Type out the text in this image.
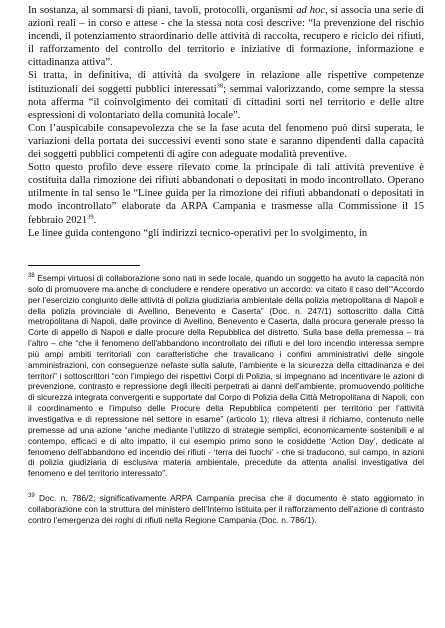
In sostanza, al sommarsi di piani, tavoli, protocolli, organismi ad hoc, si associa una serie di azioni reali – in corso e attese - che la stessa nota così descrive: “la prevenzione del rischio incendi, il potenziamento straordinario delle attività di raccolta, recupero e riciclo dei rifiuti, il rafforzamento del controllo del territorio e iniziative di formazione, informazione e cittadinanza attiva”.

Si tratta, in definitiva, di attività da svolgere in relazione alle rispettive competenze istituzionali dei soggetti pubblici interessati$^{38}$; semmai valorizzando, come sempre la stessa nota afferma “il coinvolgimento dei comitati di cittadini sorti nel territorio e delle altre espressioni di volontariato della comunità locale”.

Con l’auspicabile consapevolezza che se la fase acuta del fenomeno può dirsi superata, le variazioni della portata dei successivi eventi sono state e saranno dipendenti dalla capacità dei soggetti pubblici competenti di agire con adeguate modalità preventive.

Sotto questo profilo deve essere rilevato come la principale di tali attività preventive è costituita dalla rimozione dei rifiuti abbandonati o depositati in modo incontrollato. Operano utilmente in tal senso le “Linee guida per la rimozione dei rifiuti abbandonati o depositati in modo incontrollato” elaborate da ARPA Campania e trasmesse alla Commissione il 15 febbraio 2021$^{39}$.

Le linee guida contengono “gli indirizzi tecnico-operativi per lo svolgimento, in

$^{38}$ Esempi virtuosi di collaborazione sono nati in sede locale, quando un soggetto ha avuto la capacità non solo di promuovere ma anche di concludere e rendere operativo un accordo: va citato il caso dell’“Accordo per l’esercizio congiunto delle attività di polizia giudiziaria ambientale della polizia metropolitana di Napoli e della polizia provinciale di Avellino, Benevento e Caserta” (Doc. n. 247/1) sottoscritto dalla Città metropolitana di Napoli, dalle province di Avellino, Benevento e Caserta, dalla procura generale presso la Corte di appello di Napoli e dalle procure della Repubblica del distretto. Sulla base della premessa – tra l’altro – che “che il fenomeno dell’abbandono incontrollato dei rifiuti e del loro incendio interessa sempre più ampi ambiti territoriali con caratteristiche che travalicano i confini amministrativi delle singole amministrazioni, con conseguenze nefaste sulla salute, l’ambiente e la sicurezza della cittadinanza e dei territori” i sottoscrittori “con l’impiego dei rispettivi Corpi di Polizia, si impegnano ad incentivare le azioni di prevenzione, contrasto e repressione degli illeciti perpetrati ai danni dell’ambiente, promuovendo politiche di sicurezza integrata convergenti e supportate dal Corpo di Polizia della Città Metropolitana di Napoli, con il coordinamento e l’impulso delle Procure della Repubblica competenti per territorio per l’attività investigativa e di repressione nel settore in esame” (articolo 1); rileva altresì il richiamo, contenuto nelle premesse ad una azione “anche mediante l’utilizzo di strategie semplici, economicamente sostenibili e al contempo, efficaci e di alto impatto, il cui esempio primo sono le cosiddette ‘Action Day’, dedicate al fenomeno dell’abbandono ed incendio dei rifiuti - ‘terra dei fuochi’ - che si traducono, sul campo, in azioni di polizia giudiziaria di esclusiva materia ambientale, precedute da attenta analisi investigativa del fenomeno e del territorio interessato”.

$^{39}$ Doc. n. 786/2; significativamente ARPA Campania precisa che il documento è stato aggiornato in collaborazione con la struttura del ministero dell’Interno istituita per il rafforzamento dell’azione di contrasto contro l’emergenza dei roghi di rifiuti nella Regione Campania (Doc. n. 786/1).
